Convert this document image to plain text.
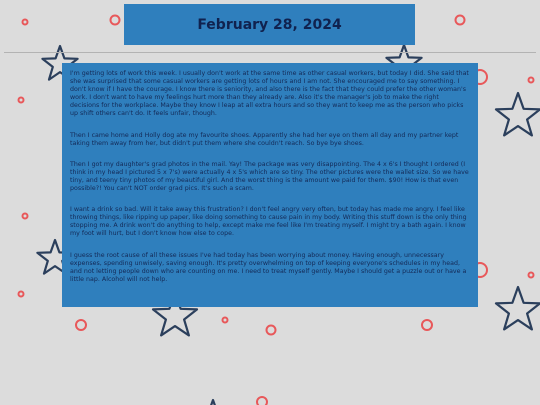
February 28, 2024

I'm getting lots of work this week. I usually don't work at the same time as other casual workers, but today I did. She said that she was surprised that some casual workers are getting lots of hours and I am not. She encouraged me to say something. I don't know if I have the courage. I know there is seniority, and also there is the fact that they could prefer the other woman's work. I don't want to have my feelings hurt more than they already are. Also it's the manager's job to make the right decisions for the workplace. Maybe they know I leap at all extra hours and so they want to keep me as the person who picks up shift others can't do. It feels unfair, though.

Then I came home and Holly dog ate my favourite shoes. Apparently she had her eye on them all day and my partner kept taking them away from her, but didn't put them where she couldn't reach. So bye bye shoes.

Then I got my daughter's grad photos in the mail. Yay! The package was very disappointing. The 4 x 6's I thought I ordered (I think in my head I pictured 5 x 7's) were actually 4 x 5's which are so tiny. The other pictures were the wallet size. So we have tiny, and teeny tiny photos of my beautiful girl. And the worst thing is the amount we paid for them. $90! How is that even possible?! You can't NOT order grad pics. It's such a scam.

I want a drink so bad. Will it take away this frustration? I don't feel angry very often, but today has made me angry. I feel like throwing things, like ripping up paper, like doing something to cause pain in my body. Writing this stuff down is the only thing stopping me. A drink won't do anything to help, except make me feel like I'm treating myself. I might try a bath again. I know my foot will hurt, but I don't know how else to cope.

I guess the root cause of all these issues I've had today has been worrying about money. Having enough, unnecessary expenses, spending unwisely, saving enough. It's pretty overwhelming on top of keeping everyone's schedules in my head, and not letting people down who are counting on me. I need to treat myself gently. Maybe I should get a puzzle out or have a little nap. Alcohol will not help.
